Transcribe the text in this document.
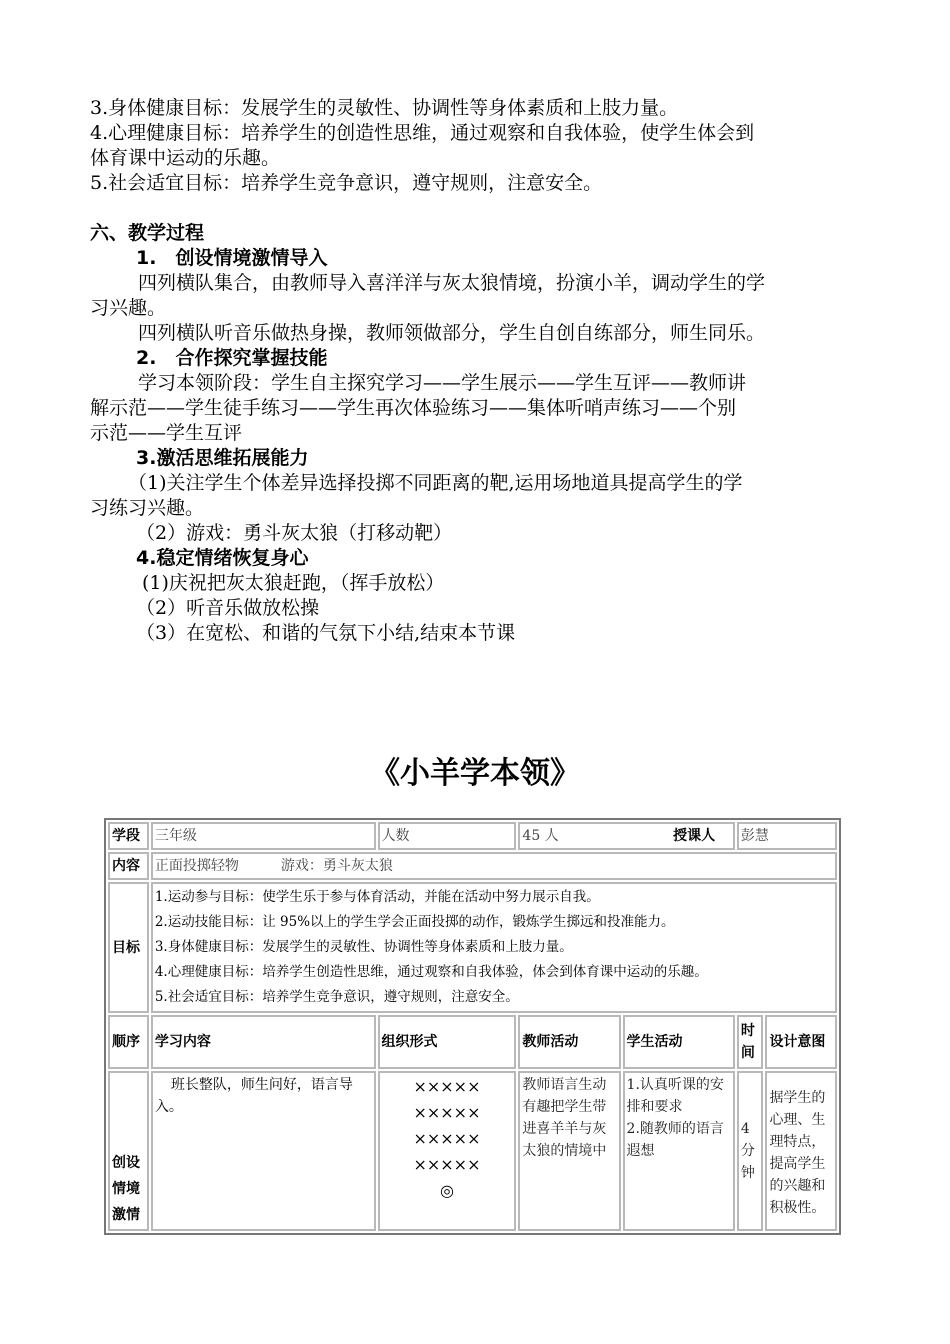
3.身体健康目标：发展学生的灵敏性、协调性等身体素质和上肢力量。

4.心理健康目标：培养学生的创造性思维，通过观察和自我体验，使学生体会到

体育课中运动的乐趣。

5.社会适宜目标：培养学生竞争意识，遵守规则，注意安全。

六、教学过程

1.　创设情境激情导入

四列横队集合，由教师导入喜洋洋与灰太狼情境，扮演小羊，调动学生的学

习兴趣。

四列横队听音乐做热身操，教师领做部分，学生自创自练部分，师生同乐。

2.　合作探究掌握技能

学习本领阶段：学生自主探究学习——学生展示——学生互评——教师讲

解示范——学生徒手练习——学生再次体验练习——集体听哨声练习——个别

示范——学生互评

3.激活思维拓展能力

（1)关注学生个体差异选择投掷不同距离的靶,运用场地道具提高学生的学

习练习兴趣。

（2）游戏：勇斗灰太狼（打移动靶）

4.稳定情绪恢复身心

(1)庆祝把灰太狼赶跑，（挥手放松）

（2）听音乐做放松操

（3）在宽松、和谐的气氛下小结,结束本节课

《小羊学本领》
学段	三年级	人数	45 人 授课人		彭慧	
内容	正面投掷轻物　　　游戏：勇斗灰太狼					
目标	1.运动参与目标：使学生乐于参与体育活动，并能在活动中努力展示自我。
2.运动技能目标：让 95%以上的学生学会正面投掷的动作，锻炼学生掷远和投准能力。
3.身体健康目标：发展学生的灵敏性、协调性等身体素质和上肢力量。
4.心理健康目标：培养学生创造性思维，通过观察和自我体验，体会到体育课中运动的乐趣。
5.社会适宜目标：培养学生竞争意识，遵守规则，注意安全。					

顺序	学习内容	组织形式	教师活动	学生活动	时间	设计意图
创设情境激情	班长整队，师生问好，语言导入。	×××××
×××××
×××××
×××××
◎	教师语言生动有趣把学生带进喜羊羊与灰太狼的情境中	1.认真听课的安排和要求
2.随教师的语言遐想	4分钟	据学生的心理、生理特点，提高学生的兴趣和积极性。
